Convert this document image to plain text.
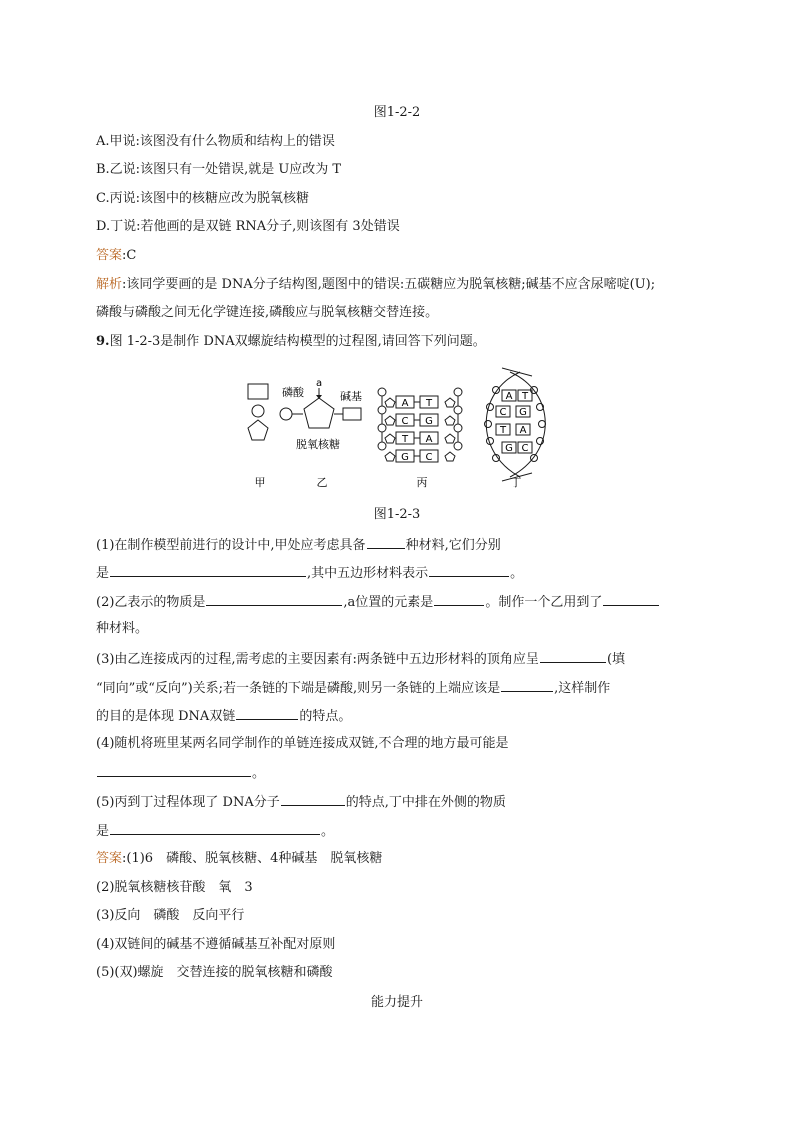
图1-2-2
A.甲说:该图没有什么物质和结构上的错误
B.乙说:该图只有一处错误,就是 U应改为 T
C.丙说:该图中的核糖应改为脱氧核糖
D.丁说:若他画的是双链 RNA分子,则该图有 3处错误
答案:C
解析:该同学要画的是 DNA分子结构图,题图中的错误:五碳糖应为脱氧核糖;碱基不应含尿嘧啶(U);
磷酸与磷酸之间无化学键连接,磷酸应与脱氧核糖交替连接。
9.图 1-2-3是制作 DNA双螺旋结构模型的过程图,请回答下列问题。
磷酸
a
碱基
脱氧核糖
A T
C G
T A
G C
A T
C G
T A
G C
甲	乙	丙	丁
图1-2-3
(1)在制作模型前进行的设计中,甲处应考虑具备	种材料,它们分别
是	,其中五边形材料表示	。
(2)乙表示的物质是	,a位置的元素是	。制作一个乙用到了
种材料。
(3)由乙连接成丙的过程,需考虑的主要因素有:两条链中五边形材料的顶角应呈	(填
“同向”或“反向”)关系;若一条链的下端是磷酸,则另一条链的上端应该是	,这样制作
的目的是体现 DNA双链	的特点。
(4)随机将班里某两名同学制作的单链连接成双链,不合理的地方最可能是
。
(5)丙到丁过程体现了 DNA分子	的特点,丁中排在外侧的物质
是	。
答案:(1)6　磷酸、脱氧核糖、4种碱基　脱氧核糖
(2)脱氧核糖核苷酸　氧　3
(3)反向　磷酸　反向平行
(4)双链间的碱基不遵循碱基互补配对原则
(5)(双)螺旋　交替连接的脱氧核糖和磷酸
能力提升
